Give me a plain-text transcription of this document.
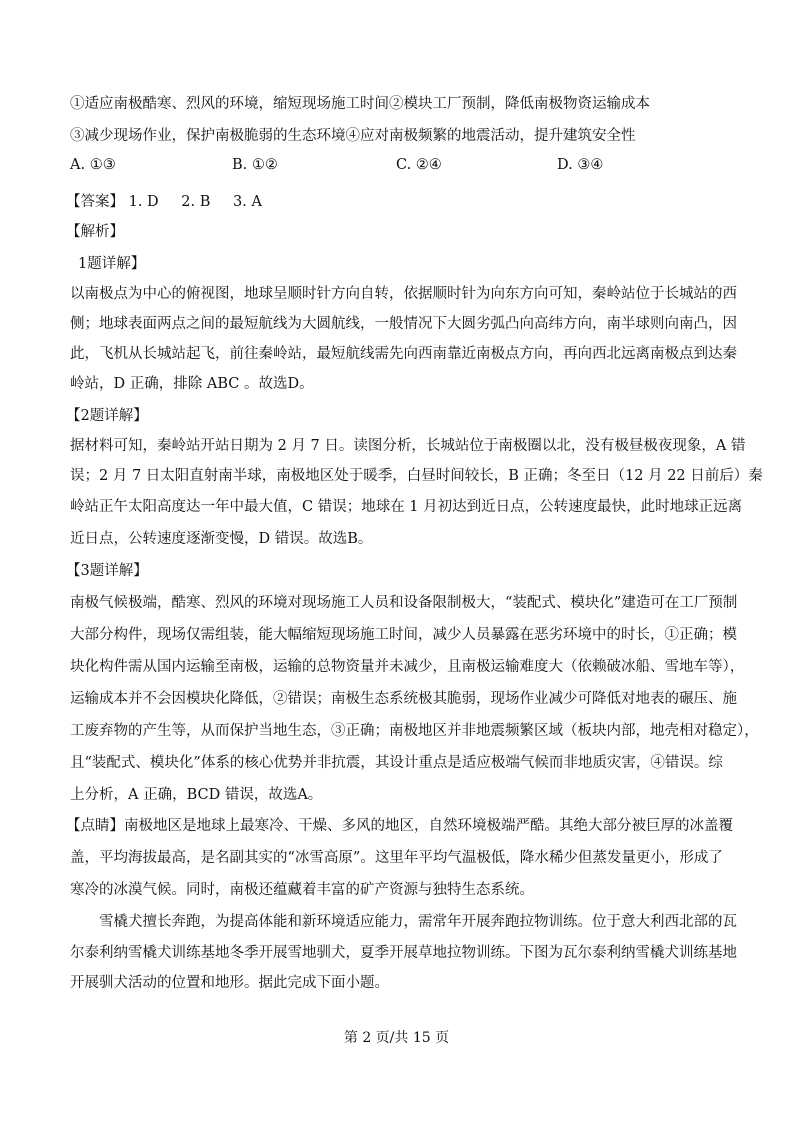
①适应南极酷寒、烈风的环境，缩短现场施工时间②模块工厂预制，降低南极物资运输成本
③减少现场作业，保护南极脆弱的生态环境④应对南极频繁的地震活动，提升建筑安全性
A. ①③	B. ①②	C. ②④	D. ③④
【答案】 1. D 2. B 3. A
【解析】
1题详解】
以南极点为中心的俯视图，地球呈顺时针方向自转，依据顺时针为向东方向可知，秦岭站位于长城站的西
侧；地球表面两点之间的最短航线为大圆航线，一般情况下大圆劣弧凸向高纬方向，南半球则向南凸，因
此，飞机从长城站起飞，前往秦岭站，最短航线需先向西南靠近南极点方向，再向西北远离南极点到达秦
岭站，D 正确，排除 ABC 。故选D。
【2题详解】
据材料可知，秦岭站开站日期为 2 月 7 日。读图分析，长城站位于南极圈以北，没有极昼极夜现象，A 错
误；2 月 7 日太阳直射南半球，南极地区处于暖季，白昼时间较长，B 正确；冬至日（12 月 22 日前后）秦
岭站正午太阳高度达一年中最大值，C 错误；地球在 1 月初达到近日点，公转速度最快，此时地球正远离
近日点，公转速度逐渐变慢，D 错误。故选B。
【3题详解】
南极气候极端，酷寒、烈风的环境对现场施工人员和设备限制极大，“装配式、模块化”建造可在工厂预制
大部分构件，现场仅需组装，能大幅缩短现场施工时间，减少人员暴露在恶劣环境中的时长，①正确；模
块化构件需从国内运输至南极，运输的总物资量并未减少，且南极运输难度大（依赖破冰船、雪地车等），
运输成本并不会因模块化降低，②错误；南极生态系统极其脆弱，现场作业减少可降低对地表的碾压、施
工废弃物的产生等，从而保护当地生态，③正确；南极地区并非地震频繁区域（板块内部，地壳相对稳定），
且“装配式、模块化”体系的核心优势并非抗震，其设计重点是适应极端气候而非地质灾害，④错误。综
上分析，A 正确，BCD 错误，故选A。
【点睛】南极地区是地球上最寒冷、干燥、多风的地区，自然环境极端严酷。其绝大部分被巨厚的冰盖覆
盖，平均海拔最高，是名副其实的“冰雪高原”。这里年平均气温极低，降水稀少但蒸发量更小，形成了
寒冷的冰漠气候。同时，南极还蕴藏着丰富的矿产资源与独特生态系统。
雪橇犬擅长奔跑，为提高体能和新环境适应能力，需常年开展奔跑拉物训练。位于意大利西北部的瓦
尔泰利纳雪橇犬训练基地冬季开展雪地驯犬，夏季开展草地拉物训练。下图为瓦尔泰利纳雪橇犬训练基地
开展驯犬活动的位置和地形。据此完成下面小题。
第 2 页/共 15 页
